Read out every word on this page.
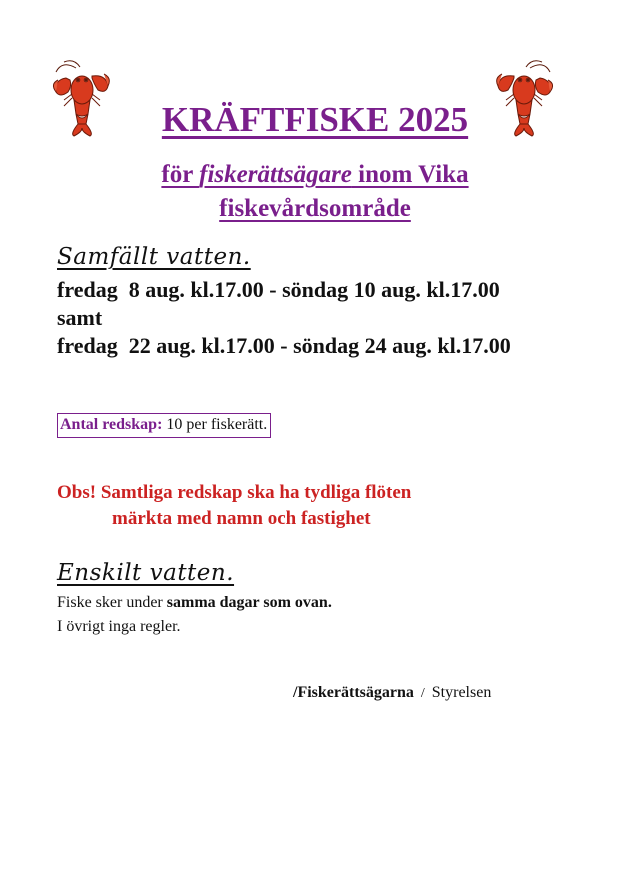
KRÄFTFISKE 2025
för fiskerättsägare inom Vika
fiskevårdsområde
Samfällt vatten.
fredag  8 aug. kl.17.00 - söndag 10 aug. kl.17.00
samt
fredag  22 aug. kl.17.00 - söndag 24 aug. kl.17.00
Antal redskap: 10 per fiskerätt.
Obs! Samtliga redskap ska ha tydliga flöten
märkta med namn och fastighet
Enskilt vatten.
Fiske sker under samma dagar som ovan.
I övrigt inga regler.
/Fiskerättsägarna  /  Styrelsen
